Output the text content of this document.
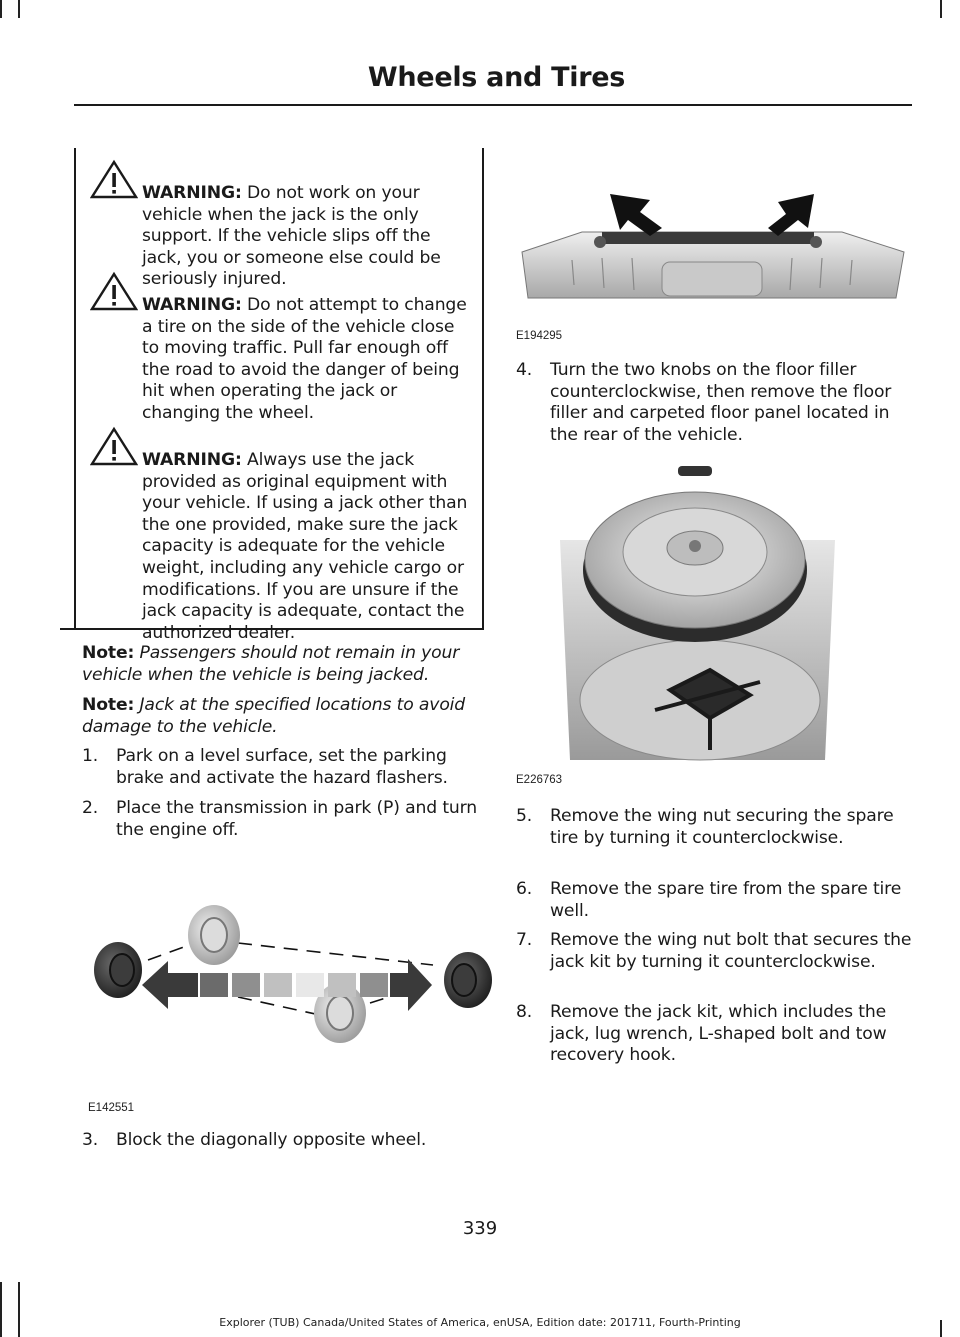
Wheels and Tires
WARNING: Do not work on your vehicle when the jack is the only support. If the vehicle slips off the jack, you or someone else could be seriously injured.
WARNING: Do not attempt to change a tire on the side of the vehicle close to moving traffic. Pull far enough off the road to avoid the danger of being hit when operating the jack or changing the wheel.
WARNING: Always use the jack provided as original equipment with your vehicle. If using a jack other than the one provided, make sure the jack capacity is adequate for the vehicle weight, including any vehicle cargo or modifications. If you are unsure if the jack capacity is adequate, contact the authorized dealer.
Note: Passengers should not remain in your vehicle when the vehicle is being jacked.
Note: Jack at the specified locations to avoid damage to the vehicle.
1.	Park on a level surface, set the parking brake and activate the hazard flashers.
2.	Place the transmission in park (P) and turn the engine off.
E142551
3.	Block the diagonally opposite wheel.
E194295
4.	Turn the two knobs on the floor filler counterclockwise, then remove the floor filler and carpeted floor panel located in the rear of the vehicle.
E226763
5.	Remove the wing nut securing the spare tire by turning it counterclockwise.
6.	Remove the spare tire from the spare tire well.
7.	Remove the wing nut bolt that secures the jack kit by turning it counterclockwise.
8.	Remove the jack kit, which includes the jack, lug wrench, L-shaped bolt and tow recovery hook.
339
Explorer (TUB) Canada/United States of America, enUSA, Edition date: 201711, Fourth-Printing
